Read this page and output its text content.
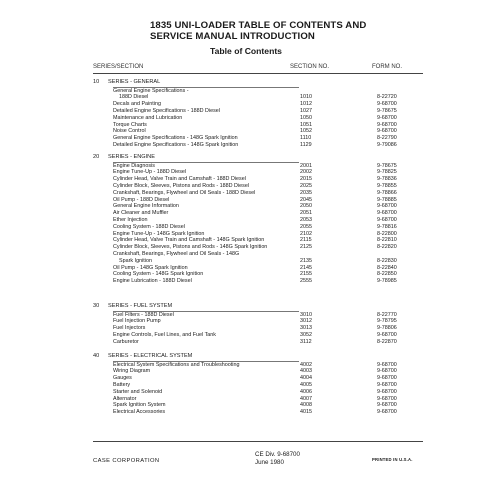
1835 UNI-LOADER TABLE OF CONTENTS AND SERVICE MANUAL INTRODUCTION
Table of Contents
SERIES/SECTION	SECTION NO.	FORM NO.
10 SERIES - GENERAL
General Engine Specifications -
188D Diesel	1010	8-22720
Decals and Painting	1012	9-68700
Detailed Engine Specifications - 188D Diesel	1027	9-78675
Maintenance and Lubrication	1050	9-68700
Torque Charts	1051	9-68700
Noise Control	1052	9-68700
General Engine Specifications - 148G Spark Ignition	1110	8-22790
Detailed Engine Specifications - 148G Spark Ignition	1129	9-79086
20 SERIES - ENGINE
Engine Diagnosis	2001	9-78675
Engine Tune-Up - 188D Diesel	2002	9-78825
Cylinder Head, Valve Train and Camshaft - 188D Diesel	2015	9-78836
Cylinder Block, Sleeves, Pistons and Rods - 188D Diesel	2025	9-78855
Crankshaft, Bearings, Flywheel and Oil Seals - 188D Diesel	2035	9-78866
Oil Pump - 188D Diesel	2045	9-78885
General Engine Information	2050	9-68700
Air Cleaner and Muffler	2051	9-68700
Ether Injection	2053	9-68700
Cooling System - 188D Diesel	2055	9-78816
Engine Tune-Up - 148G Spark Ignition	2102	8-22800
Cylinder Head, Valve Train and Camshaft - 148G Spark Ignition	2115	8-22810
Cylinder Block, Sleeves, Pistons and Rods - 148G Spark Ignition	2125	8-22820
Crankshaft, Bearings, Flywheel and Oil Seals - 148G
Spark Ignition	2135	8-22830
Oil Pump - 148G Spark Ignition	2145	8-22840
Cooling System - 148G Spark Ignition	2155	8-22850
Engine Lubrication - 188D Diesel	2555	9-78985
30 SERIES - FUEL SYSTEM
Fuel Filters - 188D Diesel	3010	8-22770
Fuel Injection Pump	3012	9-78795
Fuel Injectors	3013	9-78806
Engine Controls, Fuel Lines, and Fuel Tank	3052	9-68700
Carburetor	3112	8-22870
40 SERIES - ELECTRICAL SYSTEM
Electrical System Specifications and Troubleshooting	4002	9-68700
Wiring Diagram	4003	9-68700
Gauges	4004	9-68700
Battery	4005	9-68700
Starter and Solenoid	4006	9-68700
Alternator	4007	9-68700
Spark Ignition System	4008	9-68700
Electrical Accessories	4015	9-68700
CASE CORPORATION
CE Div. 9-68700
June 1980	PRINTED IN U.S.A.
